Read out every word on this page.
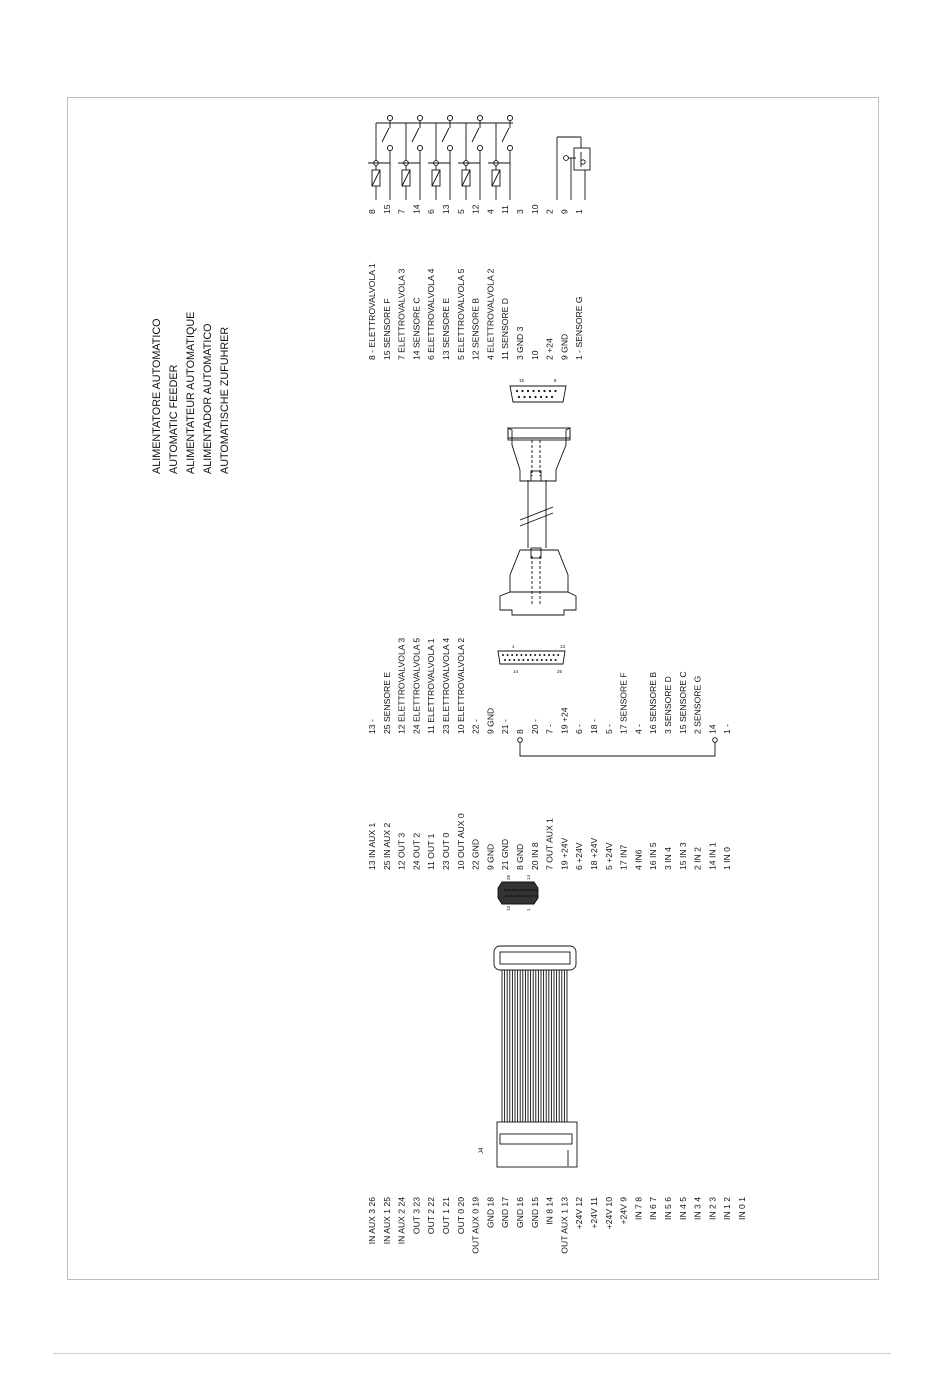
ALIMENTATORE AUTOMATICO AUTOMATIC FEEDER ALIMENTATEUR AUTOMATIQUE ALIMENTADOR AUTOMATICO AUTOMATISCHE ZUFUHRER
IN AUX 3 26 IN AUX 1 25 IN AUX 2 24 OUT 3 23 OUT 2 22 OUT 1 21 OUT 0 20 OUT AUX 0 19 GND 18 GND 17 GND 16 GND 15 IN 8 14 OUT AUX 1 13 +24V 12 +24V 11 +24V 10 +24V 9 IN 7 8 IN 6 7 IN 5 6 IN 4 5 IN 3 4 IN 2 3 IN 1 2 IN 0 1
13 IN AUX 1 25 IN AUX 2 12 OUT 3 24 OUT 2 11 OUT 1 23 OUT 0 10 OUT AUX 0 22 GND 9 GND 21 GND 8 GND 20 IN 8 7 OUT AUX 1 19 +24V 6 +24V 18 +24V 5 +24V 17 IN7 4 IN6 16 IN 5 3 IN 4 15 IN 3 2 IN 2 14 IN 1 1 IN 0
13 - 25 SENSORE E 12 ELETTROVALVOLA 3 24 ELETTROVALVOLA 5 11 ELETTROVALVOLA 1 23 ELETTROVALVOLA 4 10 ELETTROVALVOLA 2 22 - 9 GND 21 - 8 20 - 7 - 19 +24 6 - 18 - 5 - 17 SENSORE F 4 - 16 SENSORE B 3 SENSORE D 15 SENSORE C 2 SENSORE G 14 1 -
8 - ELETTROVALVOLA 1 15 SENSORE F 7 ELETTROVALVOLA 3 14 SENSORE C 6 ELETTROVALVOLA 4 13 SENSORE E 5 ELETTROVALVOLA 5 12 SENSORE B 4 ELETTROVALVOLA 2 11 SENSORE D 3 GND 3 10 2 +24 9 GND 1 - SENSORE G
8 15 7 14 6 13 5 12 4 11 3 10 2 9 1
J4
26	14
13	1
1	13
14	25
15	8
